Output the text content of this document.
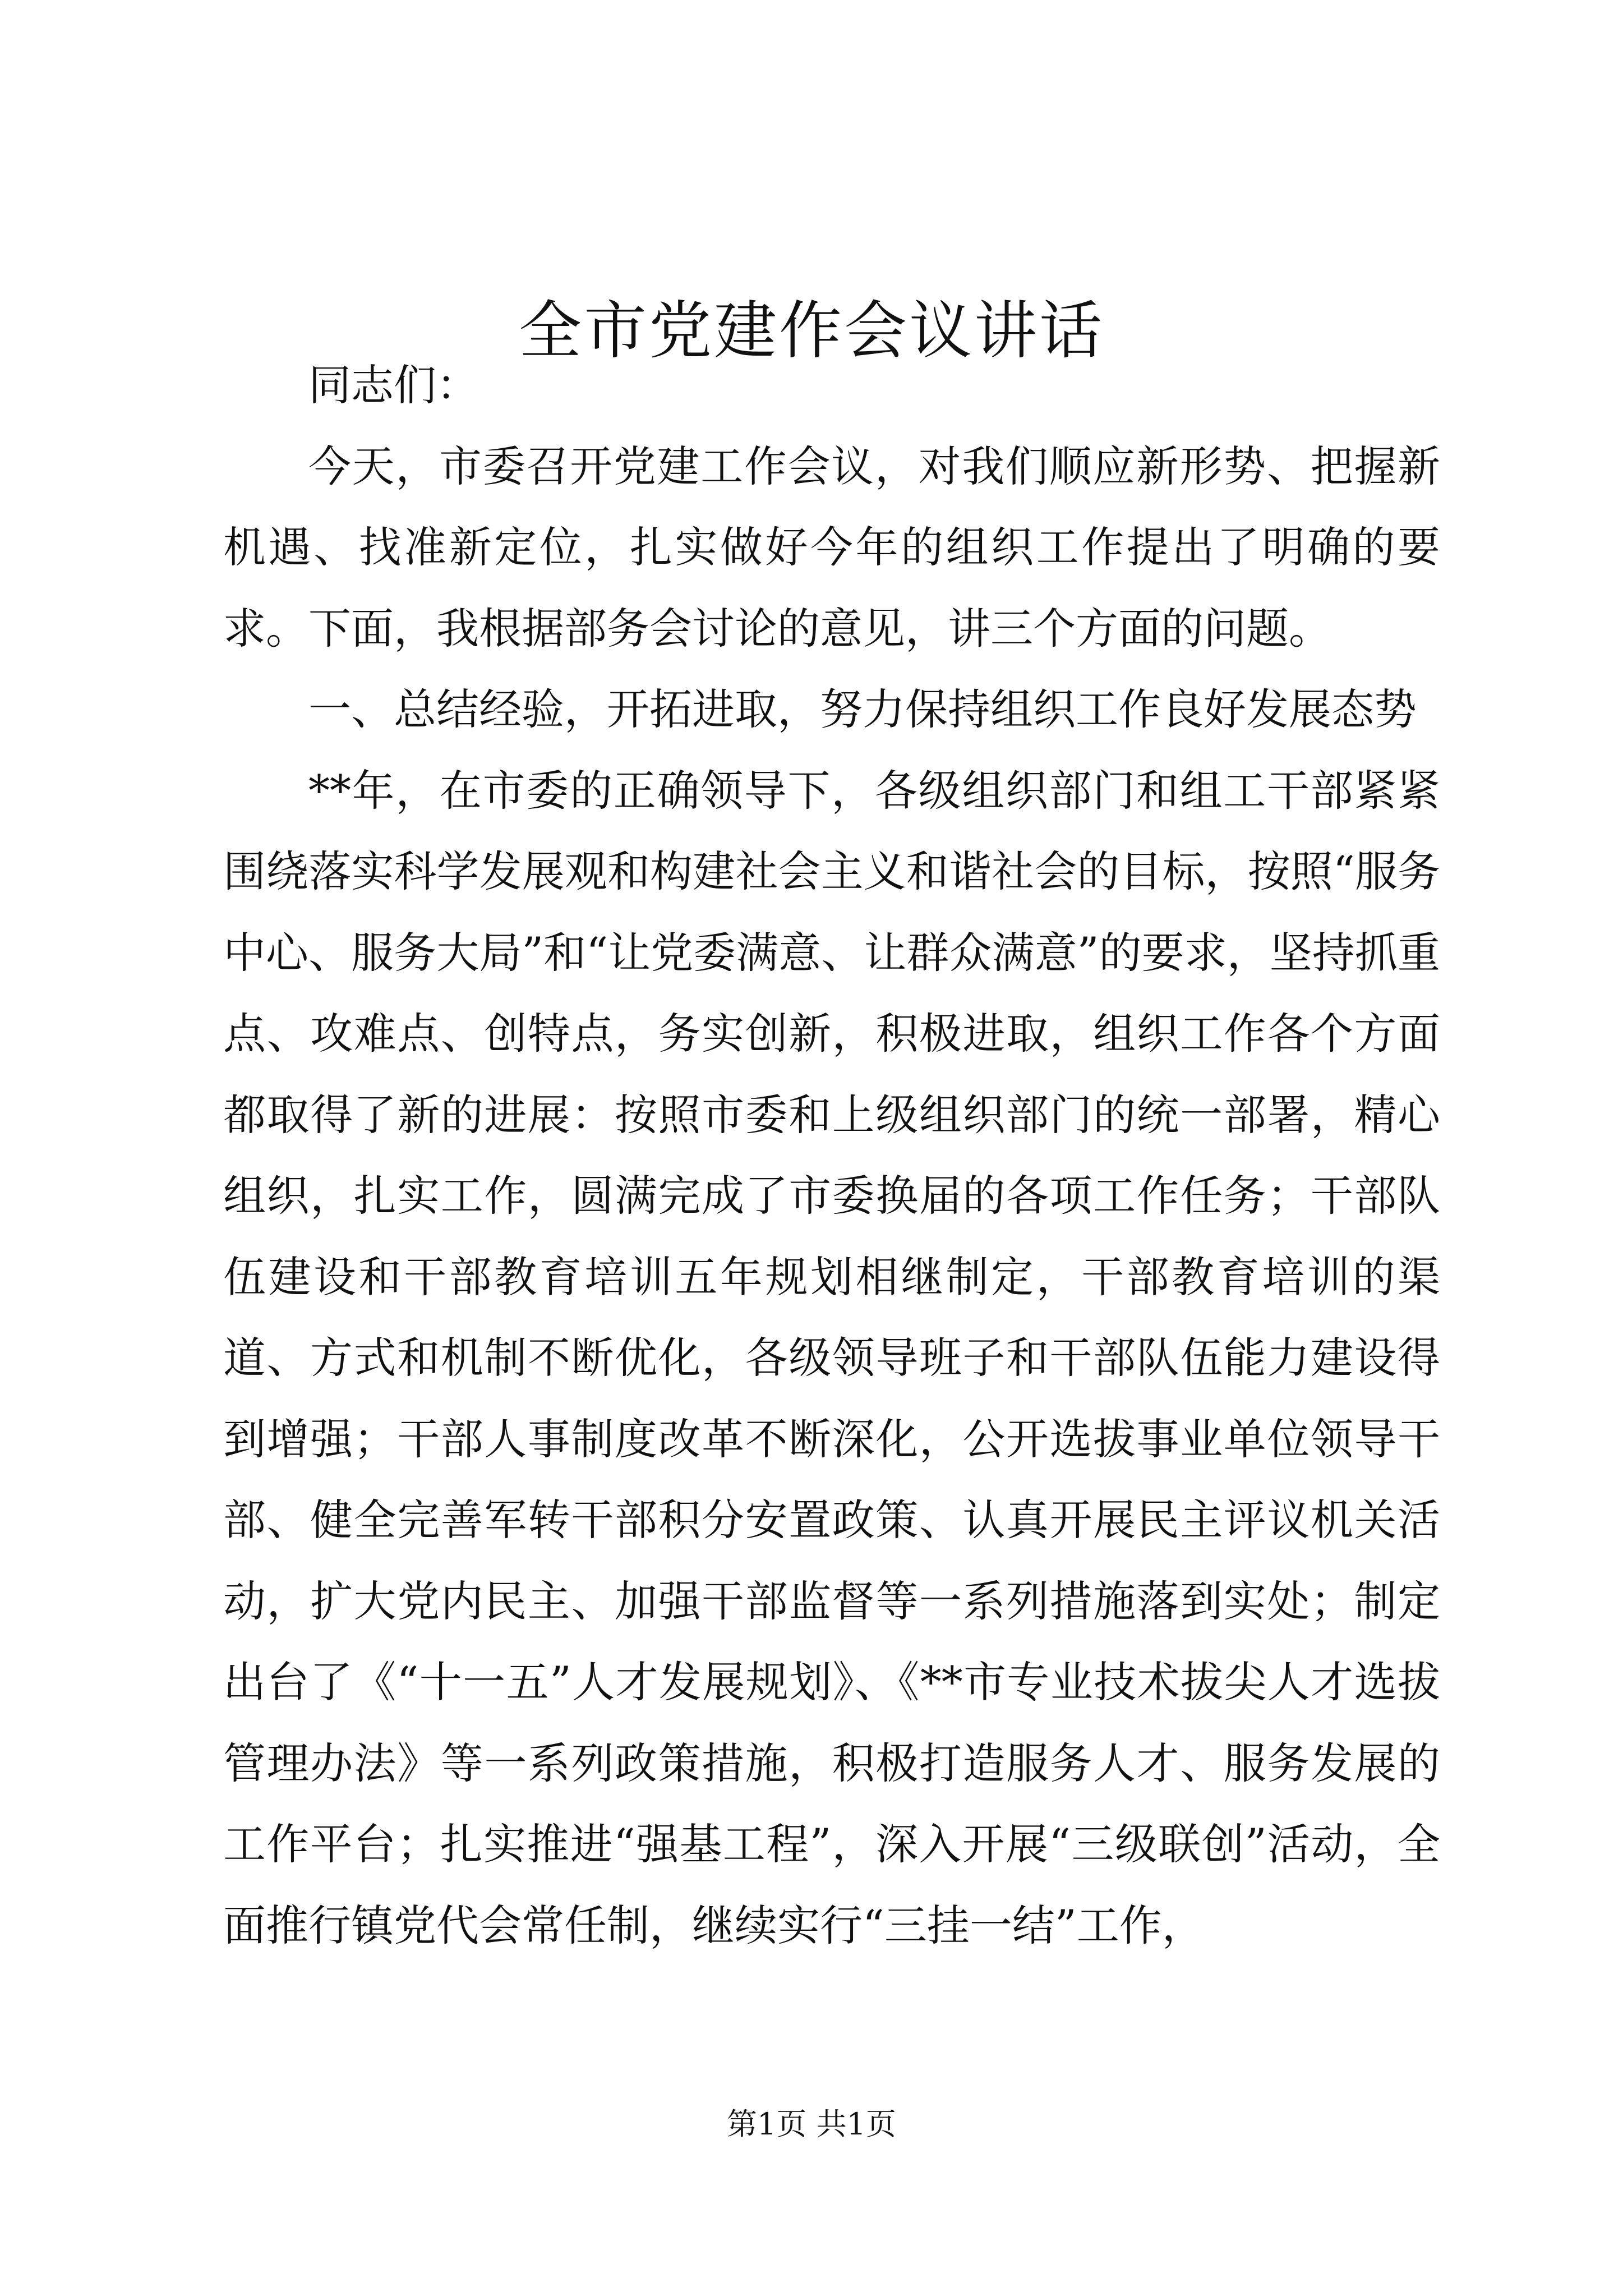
全市党建作会议讲话

同志们：

今天，市委召开党建工作会议，对我们顺应新形势、把握新机遇、找准新定位，扎实做好今年的组织工作提出了明确的要求。下面，我根据部务会讨论的意见，讲三个方面的问题。

一、总结经验，开拓进取，努力保持组织工作良好发展态势

**年，在市委的正确领导下，各级组织部门和组工干部紧紧围绕落实科学发展观和构建社会主义和谐社会的目标，按照“服务中心、服务大局”和“让党委满意、让群众满意”的要求，坚持抓重点、攻难点、创特点，务实创新，积极进取，组织工作各个方面都取得了新的进展：按照市委和上级组织部门的统一部署，精心组织，扎实工作，圆满完成了市委换届的各项工作任务；干部队伍建设和干部教育培训五年规划相继制定，干部教育培训的渠道、方式和机制不断优化，各级领导班子和干部队伍能力建设得到增强；干部人事制度改革不断深化，公开选拔事业单位领导干部、健全完善军转干部积分安置政策、认真开展民主评议机关活动，扩大党内民主、加强干部监督等一系列措施落到实处；制定出台了《“十一五”人才发展规划》、《**市专业技术拔尖人才选拔管理办法》等一系列政策措施，积极打造服务人才、服务发展的工作平台；扎实推进“强基工程”，深入开展“三级联创”活动，全面推行镇党代会常任制，继续实行“三挂一结”工作，

第1页 共1页
